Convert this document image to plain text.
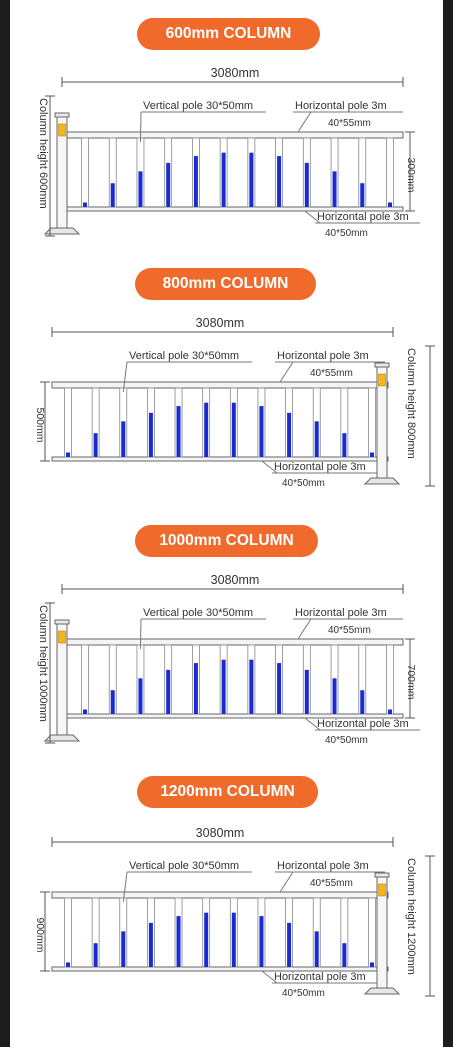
600mm COLUMN
3080mm
Column height 600mm	300mm
Vertical pole 30*50mm	Horizontal pole 3m
40*55mm
Horizontal pole 3m
40*50mm
800mm COLUMN
3080mm
Column height 800mm
500mm
Vertical pole 30*50mm	Horizontal pole 3m
40*55mm
Horizontal pole 3m
40*50mm
1000mm COLUMN
3080mm
Column height 1000mm	700mm
Vertical pole 30*50mm	Horizontal pole 3m
40*55mm
Horizontal pole 3m
40*50mm
1200mm COLUMN
3080mm
Column height 1200mm
900mm
Vertical pole 30*50mm	Horizontal pole 3m
40*55mm
Horizontal pole 3m
40*50mm
